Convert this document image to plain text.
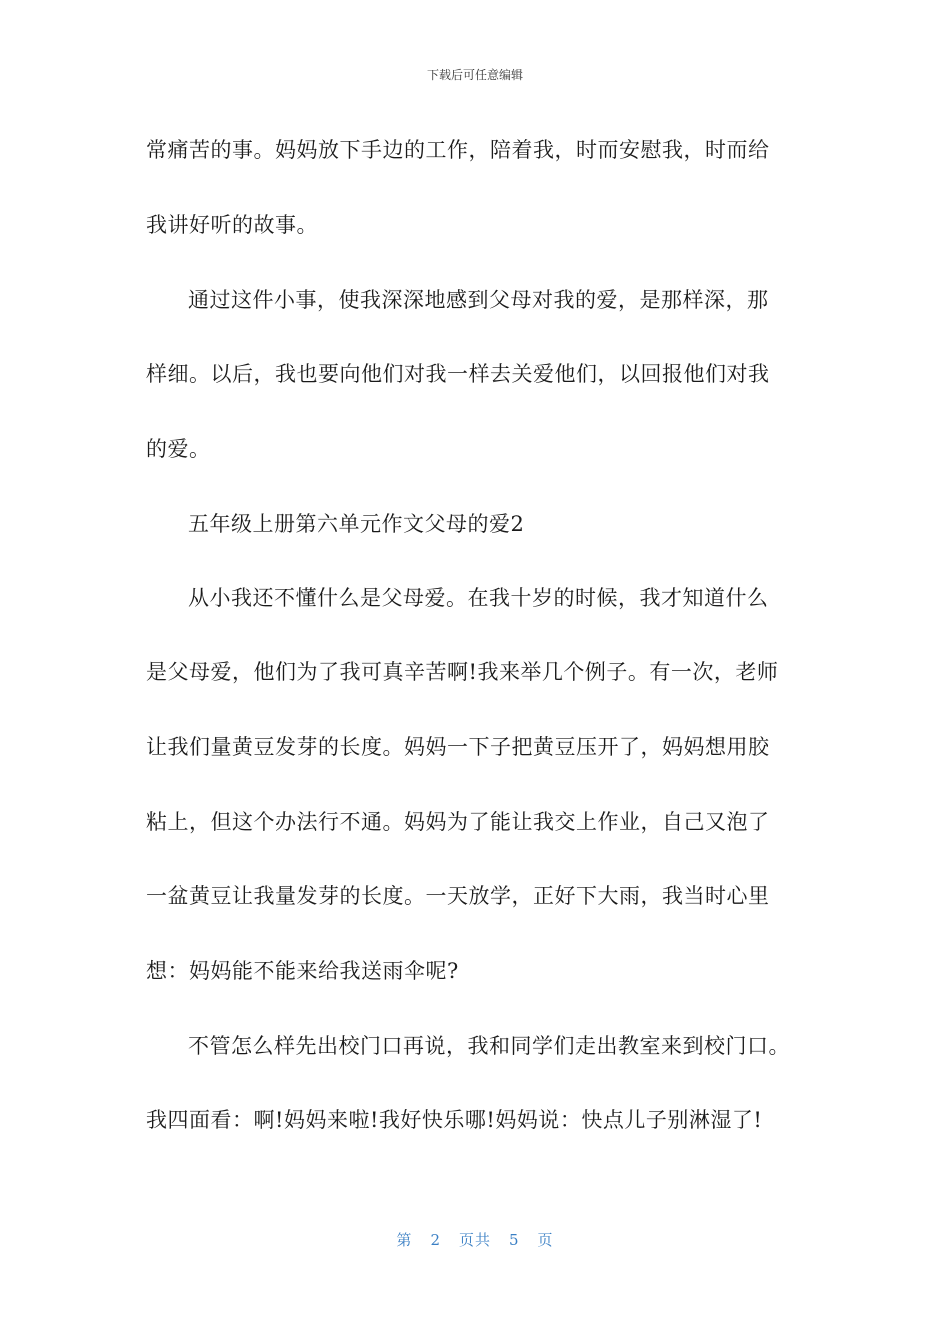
下载后可任意编辑
常痛苦的事。妈妈放下手边的工作，陪着我，时而安慰我，时而给
我讲好听的故事。
通过这件小事，使我深深地感到父母对我的爱，是那样深，那
样细。以后，我也要向他们对我一样去关爱他们，以回报他们对我
的爱。
五年级上册第六单元作文父母的爱2
从小我还不懂什么是父母爱。在我十岁的时候，我才知道什么
是父母爱，他们为了我可真辛苦啊!我来举几个例子。有一次，老师
让我们量黄豆发芽的长度。妈妈一下子把黄豆压开了，妈妈想用胶
粘上，但这个办法行不通。妈妈为了能让我交上作业，自己又泡了
一盆黄豆让我量发芽的长度。一天放学，正好下大雨，我当时心里
想：妈妈能不能来给我送雨伞呢?
不管怎么样先出校门口再说，我和同学们走出教室来到校门口。
我四面看：啊!妈妈来啦!我好快乐哪!妈妈说：快点儿子别淋湿了!
第 2 页共 5 页
